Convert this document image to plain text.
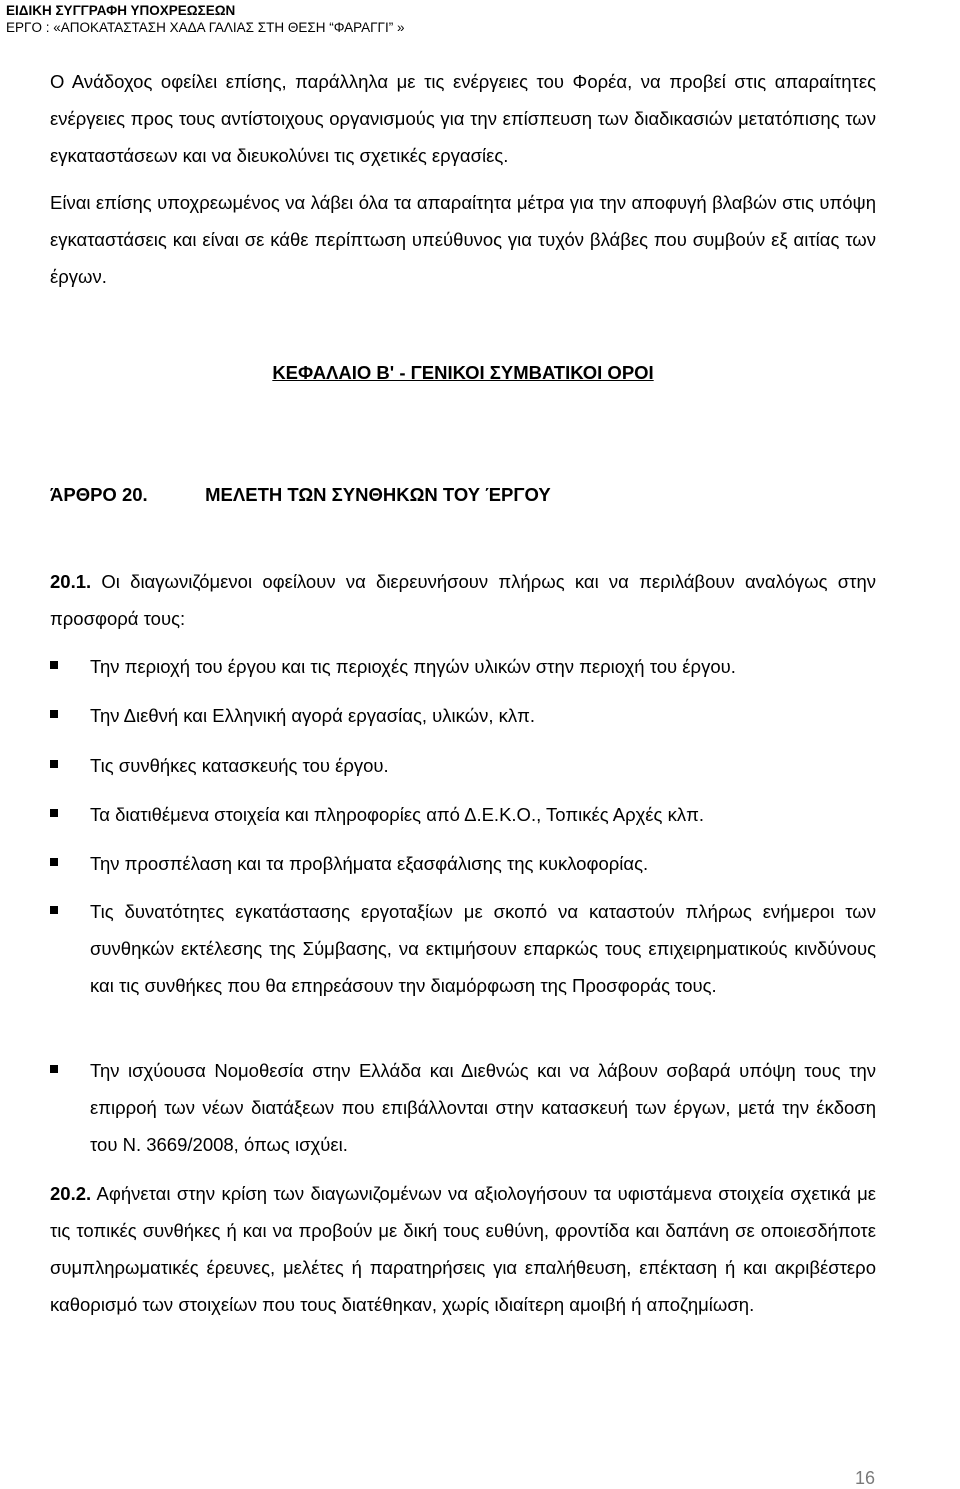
ΕΙΔΙΚΗ ΣΥΓΓΡΑΦΗ ΥΠΟΧΡΕΩΣΕΩΝ
ΕΡΓΟ : «ΑΠΟΚΑΤΑΣΤΑΣΗ ΧΑΔΑ ΓΑΛΙΑΣ ΣΤΗ ΘΕΣΗ “ΦΑΡΑΓΓΙ” »

Ο Ανάδοχος οφείλει επίσης, παράλληλα με τις ενέργειες του Φορέα, να προβεί στις απαραίτητες ενέργειες προς τους αντίστοιχους οργανισμούς για την επίσπευση των διαδικασιών μετατόπισης των εγκαταστάσεων και να διευκολύνει τις σχετικές εργασίες.

Είναι επίσης υποχρεωμένος να λάβει όλα τα απαραίτητα μέτρα για την αποφυγή βλαβών στις υπόψη εγκαταστάσεις και είναι σε κάθε περίπτωση υπεύθυνος για τυχόν βλάβες που συμβούν εξ αιτίας των έργων.

ΚΕΦΑΛΑΙΟ Β' - ΓΕΝΙΚΟΙ ΣΥΜΒΑΤΙΚΟΙ ΟΡΟΙ
ΆΡΘΡΟ 20.	ΜΕΛΕΤΗ ΤΩΝ ΣΥΝΘΗΚΩΝ ΤΟΥ ΈΡΓΟΥ

20.1. Οι διαγωνιζόμενοι οφείλουν να διερευνήσουν πλήρως και να περιλάβουν αναλόγως στην προσφορά τους:

Την περιοχή του έργου και τις περιοχές πηγών υλικών στην περιοχή του έργου.

Την Διεθνή και Ελληνική αγορά εργασίας, υλικών, κλπ.

Τις συνθήκες κατασκευής του έργου.

Τα διατιθέμενα στοιχεία και πληροφορίες από Δ.Ε.Κ.Ο., Τοπικές Αρχές κλπ.

Την προσπέλαση και τα προβλήματα εξασφάλισης της κυκλοφορίας.

Τις δυνατότητες εγκατάστασης εργοταξίων με σκοπό να καταστούν πλήρως ενήμεροι των συνθηκών εκτέλεσης της Σύμβασης, να εκτιμήσουν επαρκώς τους επιχειρηματικούς κινδύνους και τις συνθήκες που θα επηρεάσουν την διαμόρφωση της Προσφοράς τους.

Την ισχύουσα Νομοθεσία στην Ελλάδα και Διεθνώς και να λάβουν σοβαρά υπόψη τους την επιρροή των νέων διατάξεων που επιβάλλονται στην κατασκευή των έργων, μετά την έκδοση του Ν. 3669/2008, όπως ισχύει.

20.2. Αφήνεται στην κρίση των διαγωνιζομένων να αξιολογήσουν τα υφιστάμενα στοιχεία σχετικά με τις τοπικές συνθήκες ή και να προβούν με δική τους ευθύνη, φροντίδα και δαπάνη σε οποιεσδήποτε συμπληρωματικές έρευνες, μελέτες ή παρατηρήσεις για επαλήθευση, επέκταση ή και ακριβέστερο καθορισμό των στοιχείων που τους διατέθηκαν, χωρίς ιδιαίτερη αμοιβή ή αποζημίωση.

16
